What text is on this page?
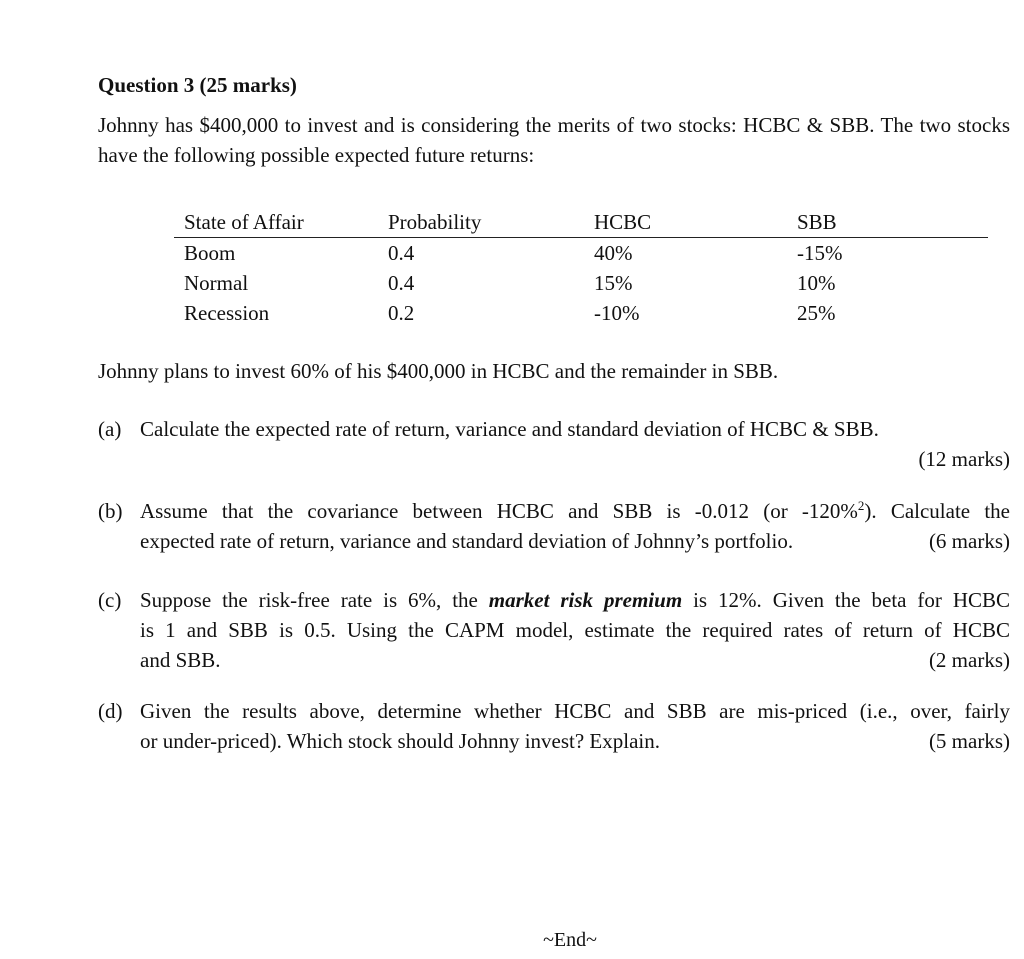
Question 3 (25 marks)

Johnny has $400,000 to invest and is considering the merits of two stocks: HCBC & SBB. The two stocks have the following possible expected future returns:

State of Affair	Probability	HCBC	SBB
Boom	0.4	40%	-15%
Normal	0.4	15%	10%
Recession	0.2	-10%	25%

Johnny plans to invest 60% of his $400,000 in HCBC and the remainder in SBB.

(a) Calculate the expected rate of return, variance and standard deviation of HCBC & SBB.
(12 marks)
(b) Assume that the covariance between HCBC and SBB is -0.012 (or -120%$^2$). Calculate the
expected rate of return, variance and standard deviation of Johnny’s portfolio.	(6 marks)
(c) Suppose the risk-free rate is 6%, the market risk premium is 12%. Given the beta for HCBC
is 1 and SBB is 0.5. Using the CAPM model, estimate the required rates of return of HCBC
and SBB.	(2 marks)
(d) Given the results above, determine whether HCBC and SBB are mis-priced (i.e., over, fairly
or under-priced). Which stock should Johnny invest? Explain.	(5 marks)
~End~
